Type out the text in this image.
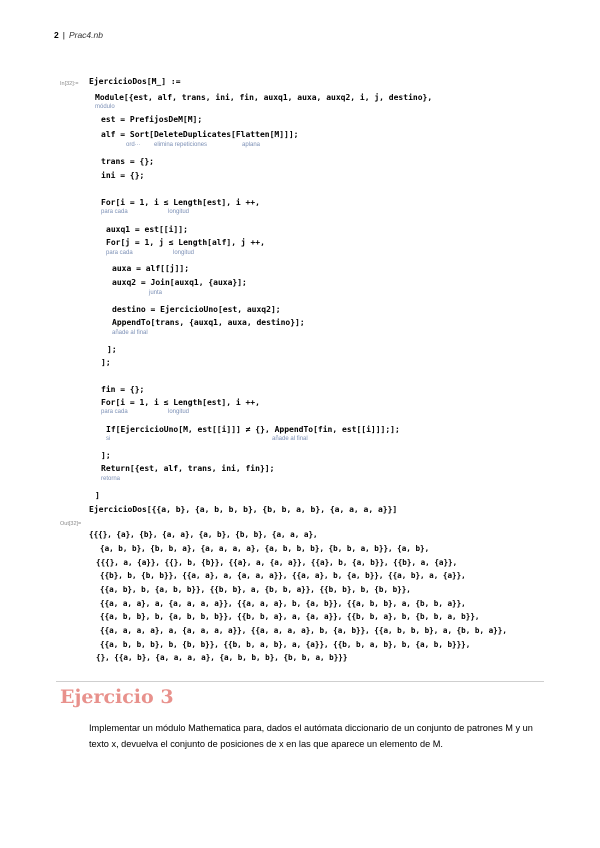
2 | Prac4.nb
In[32]:=

EjercicioDos[M_] :=

Module[{est, alf, trans, ini, fin, auxq1, auxa, auxq2, i, j, destino},

est = PrefijosDeM[M];

alf = Sort[DeleteDuplicates[Flatten[M]]];

trans = {};

ini = {};

For[i = 1, i ≤ Length[est], i ++,

auxq1 = est[[i]];

For[j = 1, j ≤ Length[alf], j ++,

auxa = alf[[j]];

auxq2 = Join[auxq1, {auxa}];

destino = EjercicioUno[est, auxq2];

AppendTo[trans, {auxq1, auxa, destino}];

];

];

fin = {};

For[i = 1, i ≤ Length[est], i ++,

If[EjercicioUno[M, est[[i]]] ≠ {}, AppendTo[fin, est[[i]]];];

];

Return[{est, alf, trans, ini, fin}];

]

EjercicioDos[{{a, b}, {a, b, b, b}, {b, b, a, b}, {a, a, a, a}}]

módulo

ord···

elimina repeticiones

	aplana

para cada

	longitud

para cada

	longitud

junta

añade al final

para cada

	longitud

si

	añade al final

retorna

Out[32]=
{{{}, {a}, {b}, {a, a}, {a, b}, {b, b}, {a, a, a},
{a, b, b}, {b, b, a}, {a, a, a, a}, {a, b, b, b}, {b, b, a, b}}, {a, b},
{{{}, a, {a}}, {{}, b, {b}}, {{a}, a, {a, a}}, {{a}, b, {a, b}}, {{b}, a, {a}},
{{b}, b, {b, b}}, {{a, a}, a, {a, a, a}}, {{a, a}, b, {a, b}}, {{a, b}, a, {a}},
{{a, b}, b, {a, b, b}}, {{b, b}, a, {b, b, a}}, {{b, b}, b, {b, b}},
{{a, a, a}, a, {a, a, a, a}}, {{a, a, a}, b, {a, b}}, {{a, b, b}, a, {b, b, a}},
{{a, b, b}, b, {a, b, b, b}}, {{b, b, a}, a, {a, a}}, {{b, b, a}, b, {b, b, a, b}},
{{a, a, a, a}, a, {a, a, a, a}}, {{a, a, a, a}, b, {a, b}}, {{a, b, b, b}, a, {b, b, a}},
{{a, b, b, b}, b, {b, b}}, {{b, b, a, b}, a, {a}}, {{b, b, a, b}, b, {a, b, b}}},
{}, {{a, b}, {a, a, a, a}, {a, b, b, b}, {b, b, a, b}}}
Ejercicio 3
Implementar un módulo Mathematica para, dados el autómata diccionario de un conjunto de patrones M y un texto x, devuelva el conjunto de posiciones de x en las que aparece un elemento de M.
